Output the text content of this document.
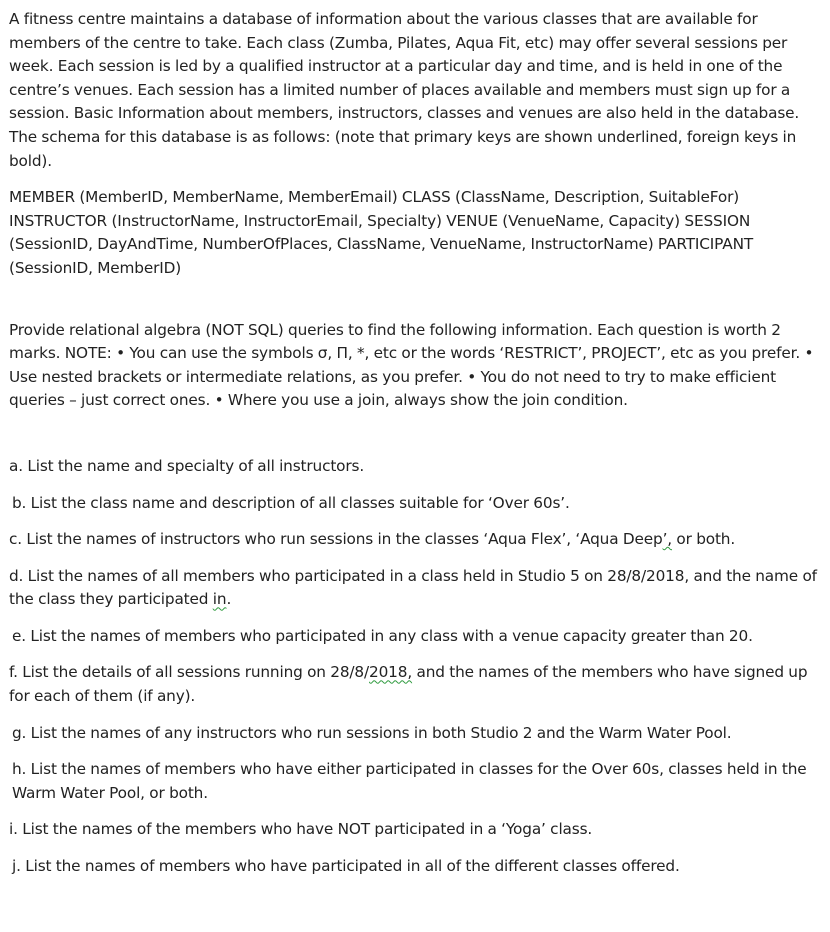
A fitness centre maintains a database of information about the various classes that are available for members of the centre to take. Each class (Zumba, Pilates, Aqua Fit, etc) may offer several sessions per week. Each session is led by a qualified instructor at a particular day and time, and is held in one of the centre’s venues. Each session has a limited number of places available and members must sign up for a session. Basic Information about members, instructors, classes and venues are also held in the database. The schema for this database is as follows: (note that primary keys are shown underlined, foreign keys in bold).

MEMBER (MemberID, MemberName, MemberEmail) CLASS (ClassName, Description, SuitableFor) INSTRUCTOR (InstructorName, InstructorEmail, Specialty) VENUE (VenueName, Capacity) SESSION (SessionID, DayAndTime, NumberOfPlaces, ClassName, VenueName, InstructorName) PARTICIPANT (SessionID, MemberID)

Provide relational algebra (NOT SQL) queries to find the following information. Each question is worth 2 marks. NOTE: • You can use the symbols σ, Π, *, etc or the words ‘RESTRICT’, PROJECT’, etc as you prefer. • Use nested brackets or intermediate relations, as you prefer. • You do not need to try to make efficient queries – just correct ones. • Where you use a join, always show the join condition.

a. List the name and specialty of all instructors.

b. List the class name and description of all classes suitable for ‘Over 60s’.

c. List the names of instructors who run sessions in the classes ‘Aqua Flex’, ‘Aqua Deep’, or both.

d. List the names of all members who participated in a class held in Studio 5 on 28/8/2018, and the name of the class they participated in.

e. List the names of members who participated in any class with a venue capacity greater than 20.

f. List the details of all sessions running on 28/8/2018, and the names of the members who have signed up for each of them (if any).

g. List the names of any instructors who run sessions in both Studio 2 and the Warm Water Pool.

h. List the names of members who have either participated in classes for the Over 60s, classes held in the Warm Water Pool, or both.

i. List the names of the members who have NOT participated in a ‘Yoga’ class.

j. List the names of members who have participated in all of the different classes offered.
